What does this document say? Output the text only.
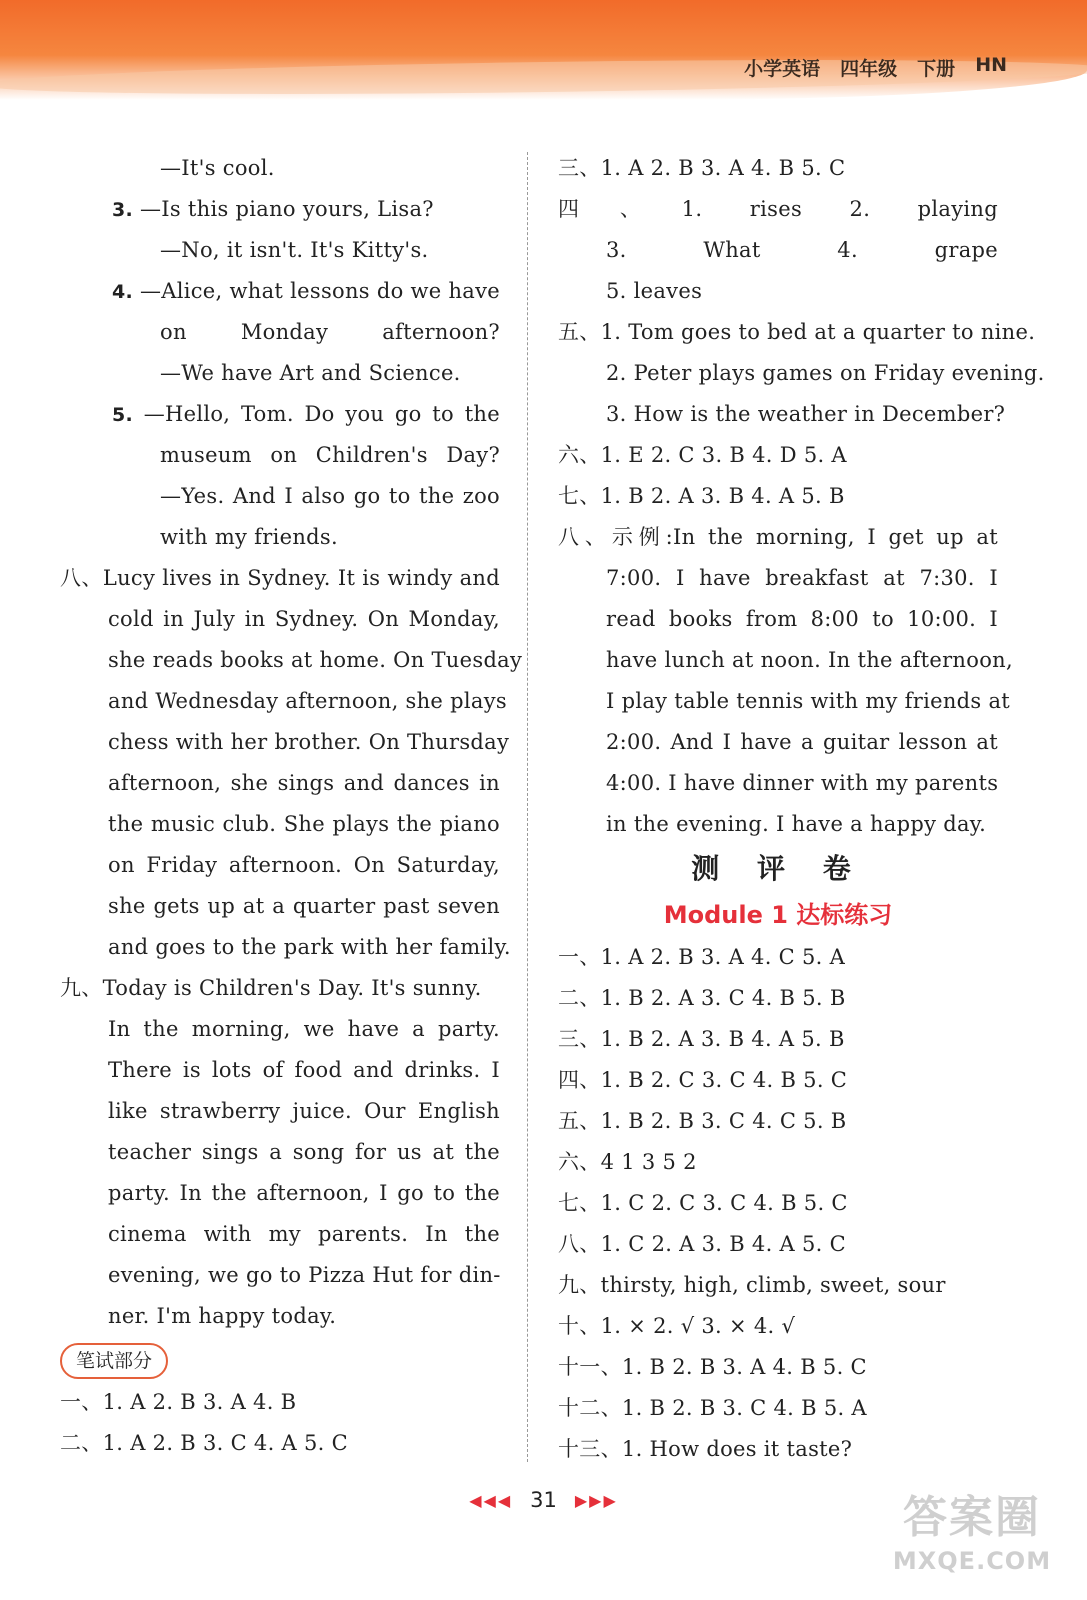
小学英语 四年级 下册 HN
—It's cool.
3. —Is this piano yours, Lisa?
—No, it isn't. It's Kitty's.
4. —Alice, what lessons do we have
on Monday afternoon?
—We have Art and Science.
5. —Hello, Tom. Do you go to the
museum on Children's Day?
—Yes. And I also go to the zoo
with my friends.
八、Lucy lives in Sydney. It is windy and
cold in July in Sydney. On Monday,
she reads books at home. On Tuesday
and Wednesday afternoon, she plays
chess with her brother. On Thursday
afternoon, she sings and dances in
the music club. She plays the piano
on Friday afternoon. On Saturday,
she gets up at a quarter past seven
and goes to the park with her family.
九、Today is Children's Day. It's sunny.
In the morning, we have a party.
There is lots of food and drinks. I
like strawberry juice. Our English
teacher sings a song for us at the
party. In the afternoon, I go to the
cinema with my parents. In the
evening, we go to Pizza Hut for din-
ner. I'm happy today.
笔试部分
一、1. A 2. B 3. A 4. B
二、1. A 2. B 3. C 4. A 5. C
三、1. A 2. B 3. A 4. B 5. C
四、1. rises 2. playing
3. What 4. grape
5. leaves
五、1. Tom goes to bed at a quarter to nine.
2. Peter plays games on Friday evening.
3. How is the weather in December?
六、1. E 2. C 3. B 4. D 5. A
七、1. B 2. A 3. B 4. A 5. B
八、示例:In the morning, I get up at
7:00. I have breakfast at 7:30. I
read books from 8:00 to 10:00. I
have lunch at noon. In the afternoon,
I play table tennis with my friends at
2:00. And I have a guitar lesson at
4:00. I have dinner with my parents
in the evening. I have a happy day.
测 评 卷
Module 1 达标练习
一、1. A 2. B 3. A 4. C 5. A
二、1. B 2. A 3. C 4. B 5. B
三、1. B 2. A 3. B 4. A 5. B
四、1. B 2. C 3. C 4. B 5. C
五、1. B 2. B 3. C 4. C 5. B
六、4 1 3 5 2
七、1. C 2. C 3. C 4. B 5. C
八、1. C 2. A 3. B 4. A 5. C
九、thirsty, high, climb, sweet, sour
十、1. × 2. √ 3. × 4. √
十一、1. B 2. B 3. A 4. B 5. C
十二、1. B 2. B 3. C 4. B 5. A
十三、1. How does it taste?
◀◀◀ 31 ▶▶▶	答案圈
MXQE.COM
